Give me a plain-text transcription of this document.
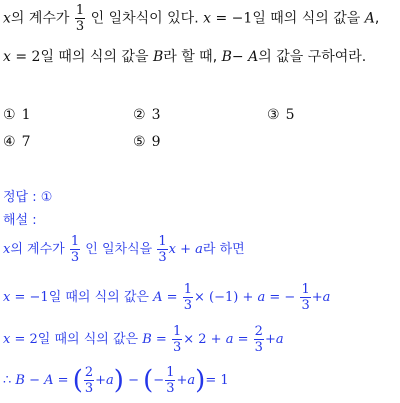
x의 계수가 $\frac{1}{3}$ 인 일차식이 있다. x = −1일 때의 식의 값을 A,
x = 2일 때의 식의 값을 B라 할 때, B− A의 값을 구하여라.
① 1	② 3	③ 5
④ 7	⑤ 9
정답 : ①
해설 :
x의 계수가 $\frac{1}{3}$ 인 일차식을 $\frac{1}{3}$ x + a라 하면
x = −1일 때의 식의 값은 $A = \frac{1}{3} \times (-1) + a$ = − $\frac{1}{3} +a$
x = 2일 때의 식의 값은 $B = \frac{1}{3} \times 2 + a = \frac{2}{3} +a$
∴ B − A = ( $\frac{2}{3} +a$) − (− $\frac{1}{3} +a)= 1$
